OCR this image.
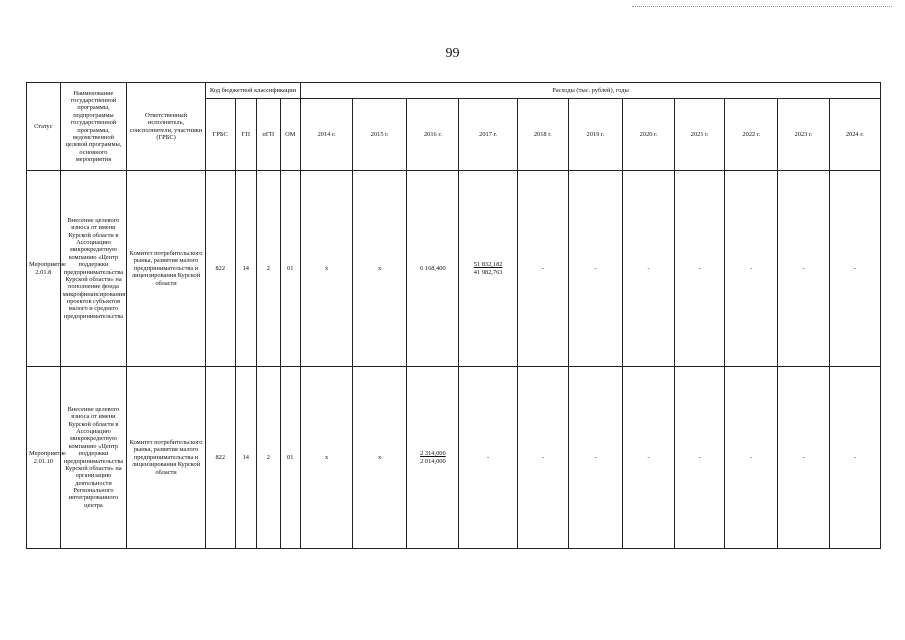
99
Статус	Наименование государственной программы, подпрограммы государственной программы, ведомственной целевой программы, основного мероприятия	Ответственный исполнитель, соисполнители, участники (ГРБС)	Код бюджетной классификации				Расходы (тыс. рублей), годы										
			ГРБС	ГП	пГП	ОМ	2014 г.	2015 г.	2016 г.	2017 г.	2018 г.	2019 г.	2020 г.	2021 г.	2022 г.	2023 г.	2024 г.
Мероприятие 2.01.8	Внесение целевого взноса от имени Курской области в Ассоциацию микрокредитную компанию «Центр поддержки предпринимательства Курской области» на пополнение фонда микрофинансирования проектов субъектов малого и среднего предпринимательства	Комитет потребительского рынка, развития малого предпринимательства и лицензирования Курской области	822	14	2	01	х	х	6 168,400	$\frac{51 832,182}{41 982,763}$	-	-	-	-	-	-	-
Мероприятие 2.01.10	Внесение целевого взноса от имени Курской области в Ассоциацию микрокредитную компанию «Центр поддержки предпринимательства Курской области» на организацию деятельности Регионального интегрированного центра	Комитет потребительского рынка, развития малого предпринимательства и лицензирования Курской области	822	14	2	01	х	х	$\frac{2 314,000}{2 014,000}$	-	-	-	-	-	-	-	-
